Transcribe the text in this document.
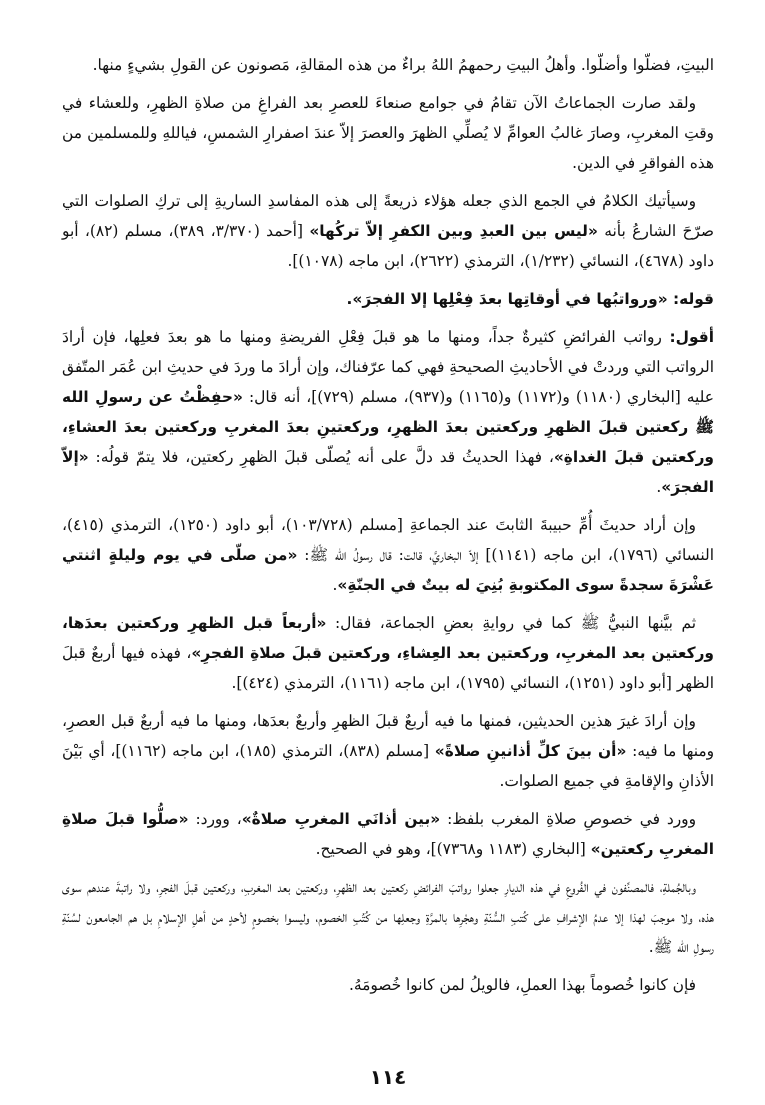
البيتِ، فضلّوا وأضلّوا. وأهلُ البيتِ رحمهمُ اللهُ براءٌ من هذه المقالةِ، مَصونون عن القولِ بشيءٍ منها.

ولقد صارت الجماعاتُ الآن تقامُ في جوامع صنعاءَ للعصرِ بعد الفراغِ من صلاةِ الظهرِ، وللعشاء في وقتِ المغربِ، وصارَ غالبُ العوامِّ لا يُصلِّي الظهرَ والعصرَ إلاّ عندَ اصفرارِ الشمسِ، فياللهِ وللمسلمين من هذه الفواقرِ في الدين.

وسيأتيك الكلامُ في الجمع الذي جعله هؤلاء ذريعةً إلى هذه المفاسدِ الساريةِ إلى تركِ الصلوات التي صرّحَ الشارعُ بأنه «ليس بين العبدِ وبين الكفرِ إلاّ تركُها» [أحمد (٣/٣٧٠، ٣٨٩)، مسلم (٨٢)، أبو داود (٤٦٧٨)، النسائي (١/٢٣٢)، الترمذي (٢٦٢٢)، ابن ماجه (١٠٧٨)].

قوله: «ورواتبُها في أوقاتِها بعدَ فِعْلِها إلا الفجرَ».

أقول: رواتب الفرائضِ كثيرةٌ جداً، ومنها ما هو قبلَ فِعْلِ الفريضةِ ومنها ما هو بعدَ فعلِها، فإن أرادَ الرواتب التي وردتْ في الأحاديثِ الصحيحةِ فهي كما عرّفناك، وإن أرادَ ما وردَ في حديثِ ابن عُمَر المتّفق عليه [البخاري (١١٨٠) و(١١٧٢) و(١١٦٥) و(٩٣٧)، مسلم (٧٢٩)]، أنه قال: «حفِظْتُ عن رسولِ الله ﷺ ركعتين قبلَ الظهرِ وركعتين بعدَ الظهرِ، وركعتينِ بعدَ المغربِ وركعتين بعدَ العشاءِ، وركعتين قبلَ الغداةِ»، فهذا الحديثُ قد دلَّ على أنه يُصلّى قبلَ الظهرِ ركعتين، فلا يتمّ قولُه: «إلاّ الفجرَ».

وإن أراد حديثَ أُمِّ حبيبةَ الثابتَ عند الجماعةِ [مسلم (١٠٣/٧٢٨)، أبو داود (١٢٥٠)، الترمذي (٤١٥)، النسائي (١٧٩٦)، ابن ماجه (١١٤١)] إلاّ البخاريَّ، قالت: قال رسولُ الله ﷺ: «من صلّى في يوم وليلةٍ اثنتي عَشْرَةَ سجدةً سوى المكتوبةِ بُنِيَ له بيتٌ في الجنّةِ».

ثم بيَّنها النبيُّ ﷺ كما في روايةِ بعضِ الجماعة، فقال: «أربعاً قبل الظهرِ وركعتين بعدَها، وركعتين بعد المغربِ، وركعتين بعد العِشاءِ، وركعتين قبلَ صلاةِ الفجرِ»، فهذه فيها أربعٌ قبلَ الظهر [أبو داود (١٢٥١)، النسائي (١٧٩٥)، ابن ماجه (١١٦١)، الترمذي (٤٢٤)].

وإن أرادَ غيرَ هذين الحديثين، فمنها ما فيه أربعٌ قبلَ الظهرِ وأربعٌ بعدَها، ومنها ما فيه أربعٌ قبل العصرِ، ومنها ما فيه: «أن بينَ كلِّ أذانينِ صلاةً» [مسلم (٨٣٨)، الترمذي (١٨٥)، ابن ماجه (١١٦٢)]، أي بَيْنَ الأذانِ والإقامةِ في جميع الصلوات.

وورد في خصوصِ صلاةِ المغرب بلفظ: «بين أذانَي المغربِ صلاةٌ»، وورد: «صلُّوا قبلَ صلاةِ المغربِ ركعتين» [البخاري (١١٨٣ و٧٣٦٨)]، وهو في الصحيح.

وبالجُملةِ، فالمصنِّفون في الفُروعِ في هذه الديارِ جعلوا رواتبَ الفرائضِ ركعتين بعد الظهرِ، وركعتين بعد المغربِ، وركعتين قبلَ الفجرِ، ولا راتبةَ عندهم سوى هذه، ولا موجبَ لهذا إلا عدمُ الإشرافِ على كُتبِ السُّنّةِ وهجْرِها بالمرَّةِ وجعلِها من كُتُبِ الخصوم، وليسوا بخصومٍ لأحدٍ من أهلِ الإسلامِ بل هم الجامعون لسُنّةِ رسولِ الله ﷺ.

فإن كانوا خُصوماً بهذا العملِ، فالويلُ لمن كانوا خُصومَهُ.

١١٤
